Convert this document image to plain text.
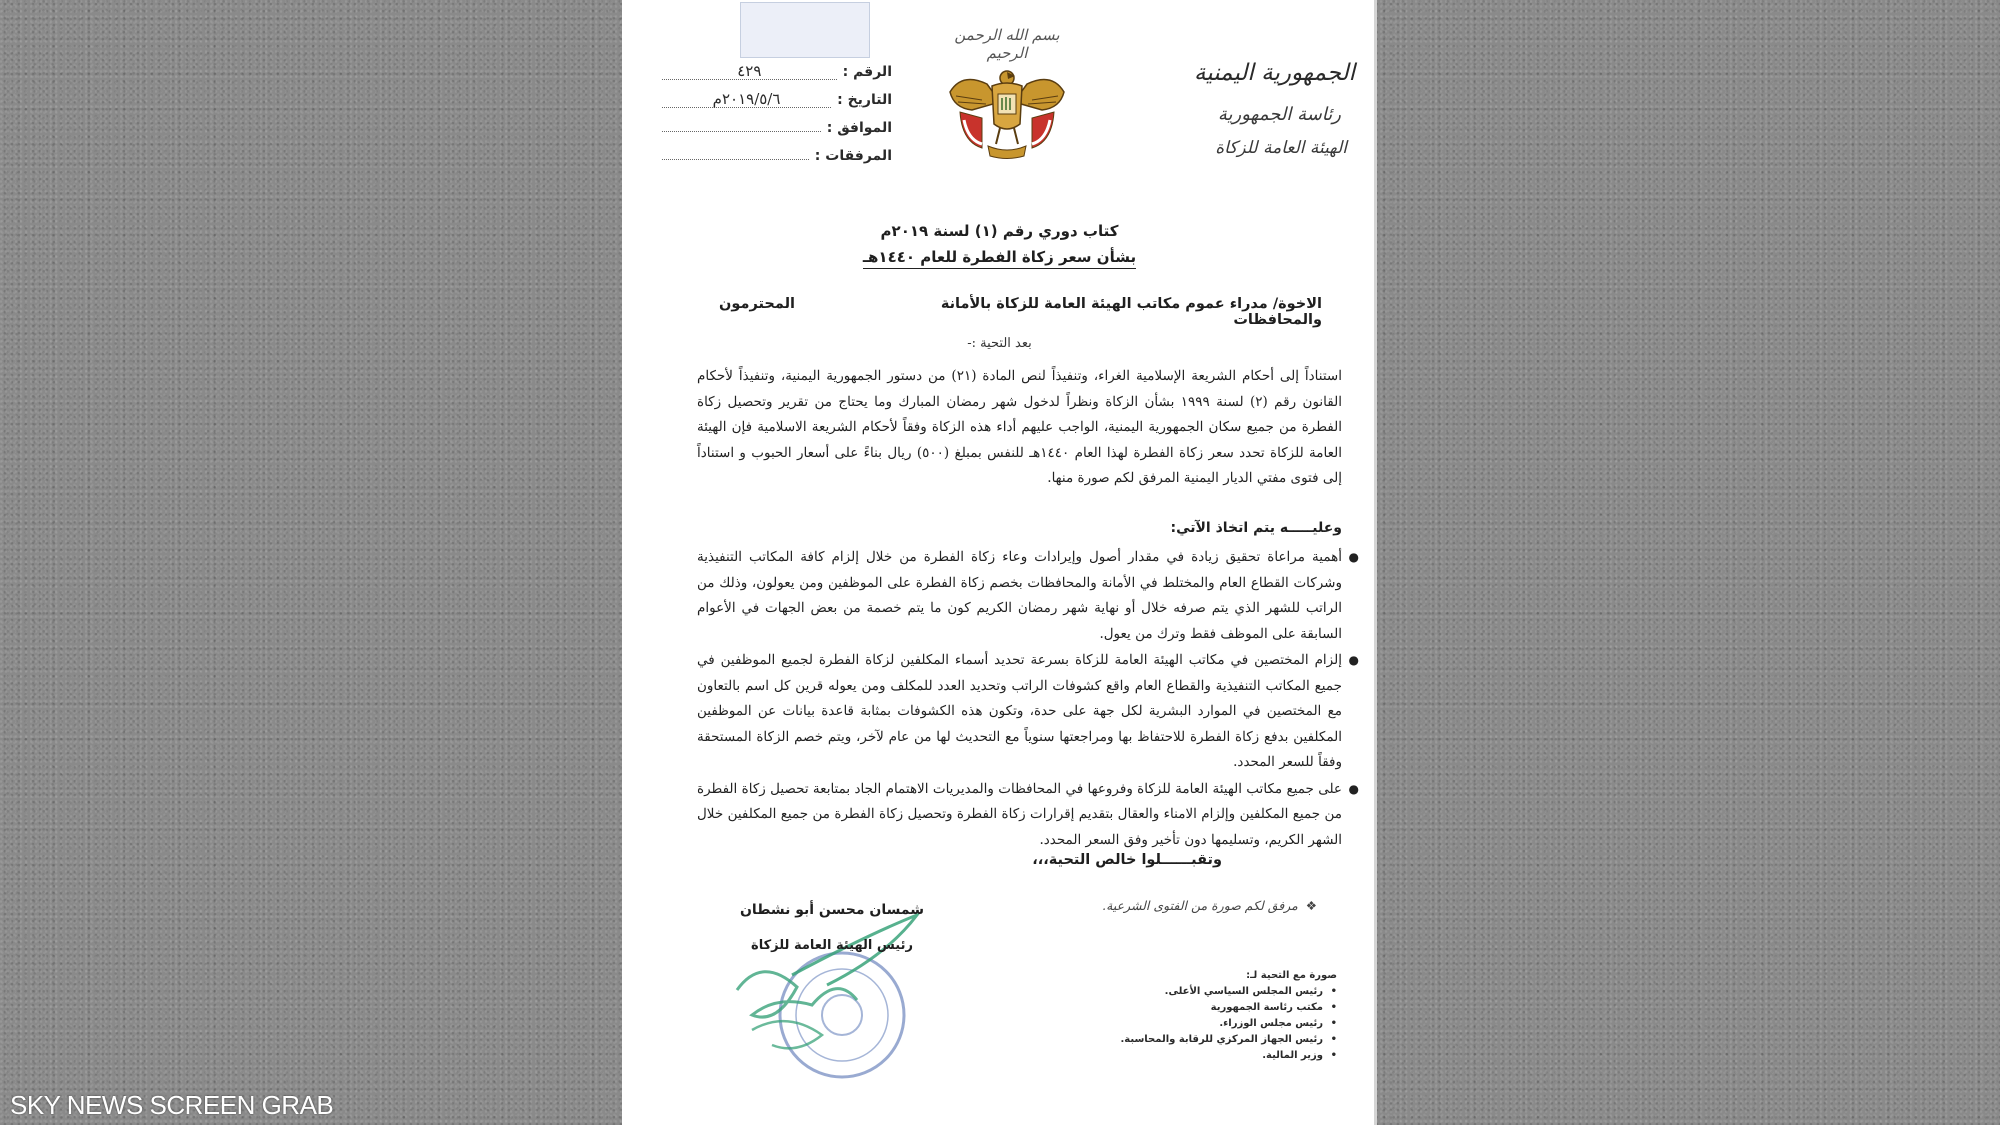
الرقم :
٤٢٩
التاريخ :
٢٠١٩/٥/٦م
الموافق :
المرفقات :
بسم الله الرحمن الرحيم
الجمهورية اليمنية
رئاسة الجمهورية
الهيئة العامة للزكاة
كتاب دوري رقم (١) لسنة ٢٠١٩م
بشأن سعر زكاة الفطرة للعام ١٤٤٠هـ
الاخوة/ مدراء عموم مكاتب الهيئة العامة للزكاة بالأمانة والمحافظات
المحترمون
بعد التحية :-
استناداً إلى أحكام الشريعة الإسلامية الغراء، وتنفيذاً لنص المادة (٢١) من دستور الجمهورية اليمنية، وتنفيذاً لأحكام القانون رقم (٢) لسنة ١٩٩٩ بشأن الزكاة ونظراً لدخول شهر رمضان المبارك وما يحتاج من تقرير وتحصيل زكاة الفطرة من جميع سكان الجمهورية اليمنية، الواجب عليهم أداء هذه الزكاة وفقاً لأحكام الشريعة الاسلامية فإن الهيئة العامة للزكاة تحدد سعر زكاة الفطرة لهذا العام ١٤٤٠هـ للنفس بمبلغ (٥٠٠) ريال بناءً على أسعار الحبوب و استناداً إلى فتوى مفتي الديار اليمنية المرفق لكم صورة منها.
وعليـــــه يتم اتخاذ الآتي:
●
أهمية مراعاة تحقيق زيادة في مقدار أصول وإيرادات وعاء زكاة الفطرة من خلال إلزام كافة المكاتب التنفيذية وشركات القطاع العام والمختلط في الأمانة والمحافظات بخصم زكاة الفطرة على الموظفين ومن يعولون، وذلك من الراتب للشهر الذي يتم صرفه خلال أو نهاية شهر رمضان الكريم كون ما يتم خصمة من بعض الجهات في الأعوام السابقة على الموظف فقط وترك من يعول.
●
إلزام المختصين في مكاتب الهيئة العامة للزكاة بسرعة تحديد أسماء المكلفين لزكاة الفطرة لجميع الموظفين في جميع المكاتب التنفيذية والقطاع العام واقع كشوفات الراتب وتحديد العدد للمكلف ومن يعوله قرين كل اسم بالتعاون مع المختصين في الموارد البشرية لكل جهة على حدة، وتكون هذه الكشوفات بمثابة قاعدة بيانات عن الموظفين المكلفين بدفع زكاة الفطرة للاحتفاظ بها ومراجعتها سنوياً مع التحديث لها من عام لآخر، ويتم خصم الزكاة المستحقة وفقاً للسعر المحدد.
●
على جميع مكاتب الهيئة العامة للزكاة وفروعها في المحافظات والمديريات الاهتمام الجاد بمتابعة تحصيل زكاة الفطرة من جميع المكلفين وإلزام الامناء والعقال بتقديم إقرارات زكاة الفطرة وتحصيل زكاة الفطرة من جميع المكلفين خلال الشهر الكريم، وتسليمها دون تأخير وفق السعر المحدد.
وتقبــــــلوا خالص التحية،،،
❖ مرفق لكم صورة من الفتوى الشرعية.
شمسان محسن أبو نشطان
رئيس الهيئة العامة للزكاة
صورة مع التحية لـ:
• رئيس المجلس السياسي الأعلى.
• مكتب رئاسة الجمهورية
• رئيس مجلس الوزراء.
• رئيس الجهاز المركزي للرقابة والمحاسبة.
• وزير المالية.
SKY NEWS SCREEN GRAB
